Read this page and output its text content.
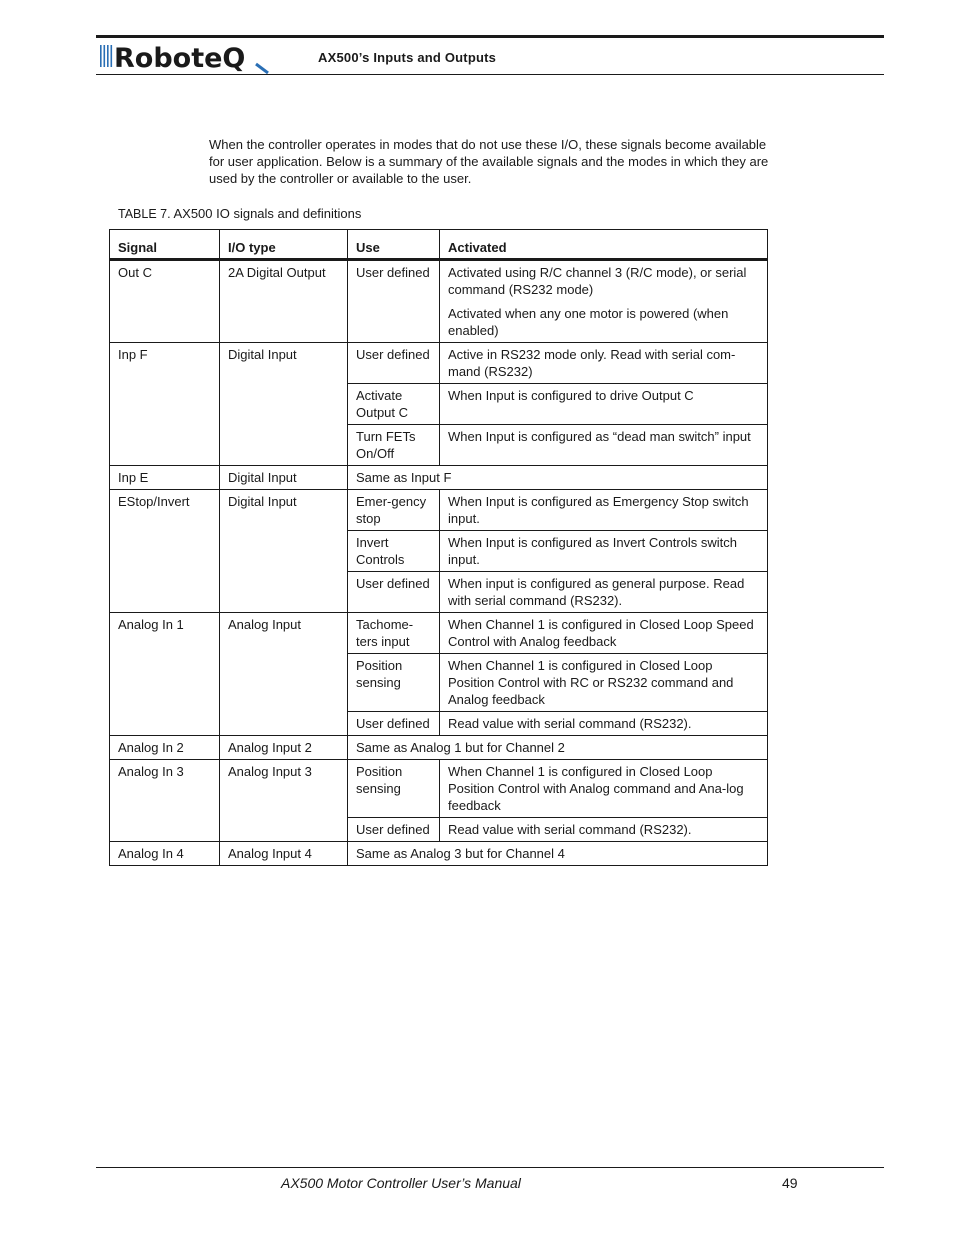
RoboteQ	AX500’s Inputs and Outputs

When the controller operates in modes that do not use these I/O, these signals become available for user application. Below is a summary of the available signals and the modes in which they are used by the controller or available to the user.

TABLE 7. AX500 IO signals and definitions
Signal	I/O type	Use	Activated
Out C	2A Digital Output	User defined	Activated using R/C channel 3 (R/C mode), or serial command (RS232 mode)
Activated when any one motor is powered (when enabled)

Inp F	Digital Input	User defined	Active in RS232 mode only. Read with serial com-mand (RS232)
		Activate Output C	When Input is configured to drive Output C
		Turn FETs On/Off	When Input is configured as “dead man switch” input
Inp E	Digital Input	Same as Input F	
EStop/Invert	Digital Input	Emer-gency stop	When Input is configured as Emergency Stop switch input.
		Invert Controls	When Input is configured as Invert Controls switch input.
		User defined	When input is configured as general purpose. Read with serial command (RS232).
Analog In 1	Analog Input	Tachome-ters input	When Channel 1 is configured in Closed Loop Speed Control with Analog feedback
		Position sensing	When Channel 1 is configured in Closed Loop Position Control with RC or RS232 command and Analog feedback
		User defined	Read value with serial command (RS232).
Analog In 2	Analog Input 2	Same as Analog 1 but for Channel 2	
Analog In 3	Analog Input 3	Position sensing	When Channel 1 is configured in Closed Loop Position Control with Analog command and Ana-log feedback
		User defined	Read value with serial command (RS232).
Analog In 4	Analog Input 4	Same as Analog 3 but for Channel 4	
AX500 Motor Controller User’s Manual	49
